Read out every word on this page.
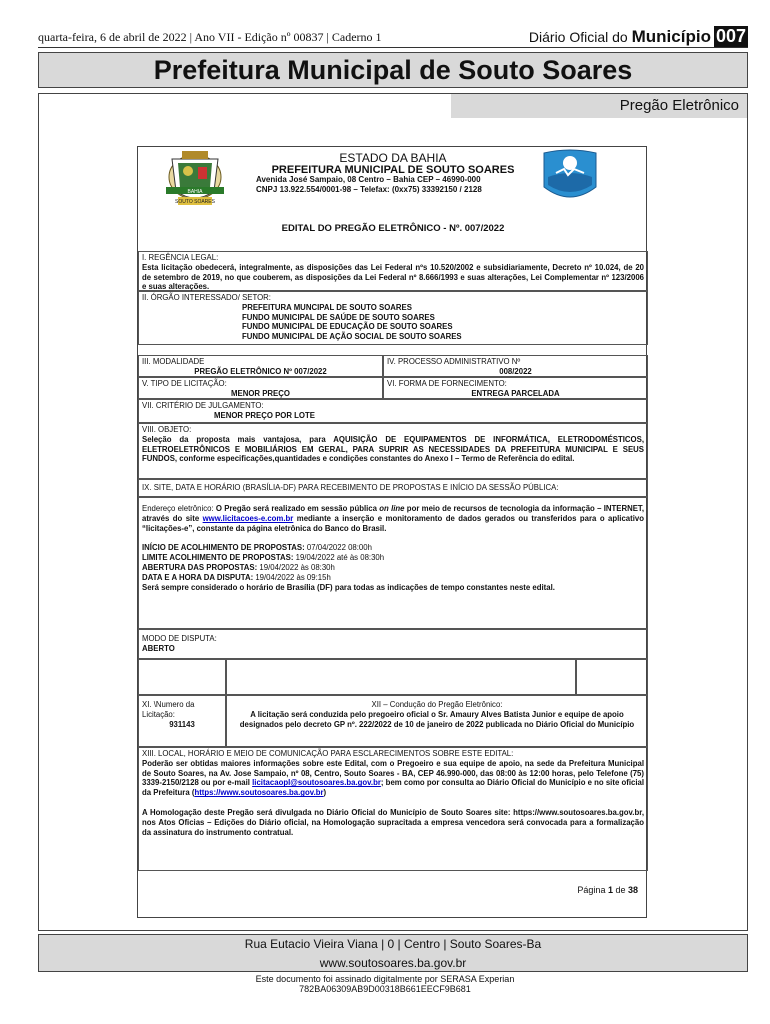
quarta-feira, 6 de abril de 2022 | Ano VII - Edição nº 00837 | Caderno 1	Diário Oficial do Município 007
Prefeitura Municipal de Souto Soares
Pregão Eletrônico
BAHIA
SOUTO SOARES
ESTADO DA BAHIA
PREFEITURA MUNICIPAL DE SOUTO SOARES
Avenida José Sampaio, 08 Centro – Bahia CEP – 46990-000
CNPJ 13.922.554/0001-98 – Telefax: (0xx75) 33392150 / 2128
EDITAL DO PREGÃO ELETRÔNICO - Nº. 007/2022
I. REGÊNCIA LEGAL:
Esta licitação obedecerá, integralmente, as disposições das Lei Federal nºs 10.520/2002 e subsidiariamente, Decreto nº 10.024, de 20 de setembro de 2019, no que couberem, as disposições da Lei Federal nº 8.666/1993 e suas alterações, Lei Complementar nº 123/2006 e suas alterações.
II. ÓRGÃO INTERESSADO/ SETOR:
PREFEITURA MUNCIPAL DE SOUTO SOARES
FUNDO MUNICIPAL DE SAÚDE DE SOUTO SOARES
FUNDO MUNICIPAL DE EDUCAÇÃO DE SOUTO SOARES
FUNDO MUNICIPAL DE AÇÃO SOCIAL DE SOUTO SOARES
III. MODALIDADE
PREGÃO ELETRÔNICO Nº 007/2022
IV. PROCESSO ADMINISTRATIVO Nº
008/2022
V. TIPO DE LICITAÇÃO:
MENOR PREÇO
VI. FORMA DE FORNECIMENTO:
ENTREGA PARCELADA
VII. CRITÉRIO DE JULGAMENTO:
MENOR PREÇO POR LOTE
VIII. OBJETO:
Seleção da proposta mais vantajosa, para AQUISIÇÃO DE EQUIPAMENTOS DE INFORMÁTICA, ELETRODOMÉSTICOS, ELETROELETRÔNICOS E MOBILIÁRIOS EM GERAL, PARA SUPRIR AS NECESSIDADES DA PREFEITURA MUNICIPAL E SEUS FUNDOS, conforme especificações,quantidades e condições constantes do Anexo I – Termo de Referência do edital.
IX. SITE, DATA E HORÁRIO (BRASÍLIA-DF) PARA RECEBIMENTO DE PROPOSTAS E INÍCIO DA SESSÃO PÚBLICA:
Endereço eletrônico: O Pregão será realizado em sessão pública on line por meio de recursos de tecnologia da informação – INTERNET, através do site www.licitacoes-e.com.br mediante a inserção e monitoramento de dados gerados ou transferidos para o aplicativo “licitações-e”, constante da página eletrônica do Banco do Brasil.
INÍCIO DE ACOLHIMENTO DE PROPOSTAS: 07/04/2022 08:00h
LIMITE ACOLHIMENTO DE PROPOSTAS: 19/04/2022 até às 08:30h
ABERTURA DAS PROPOSTAS: 19/04/2022 às 08:30h
DATA E A HORA DA DISPUTA: 19/04/2022 às 09:15h
Será sempre considerado o horário de Brasília (DF) para todas as indicações de tempo constantes neste edital.
MODO DE DISPUTA:
ABERTO
XI. \Numero da Licitação:
931143
XII – Condução do Pregão Eletrônico:
A licitação será conduzida pelo pregoeiro oficial o Sr. Amaury Alves Batista Junior e equipe de apoio designados pelo decreto GP nº. 222/2022 de 10 de janeiro de 2022 publicada no Diário Oficial do Município
XIII. LOCAL, HORÁRIO E MEIO DE COMUNICAÇÃO PARA ESCLARECIMENTOS SOBRE ESTE EDITAL:
Poderão ser obtidas maiores informações sobre este Edital, com o Pregoeiro e sua equipe de apoio, na sede da Prefeitura Municipal de Souto Soares, na Av. Jose Sampaio, nº 08, Centro, Souto Soares - BA, CEP 46.990-000, das 08:00 às 12:00 horas, pelo Telefone (75) 3339-2150/2128 ou por e-mail licitacaopl@soutosoares.ba.gov.br; bem como por consulta ao Diário Oficial do Município e no site oficial da Prefeitura (https://www.soutosoares.ba.gov.br)
A Homologação deste Pregão será divulgada no Diário Oficial do Município de Souto Soares site: https://www.soutosoares.ba.gov.br, nos Atos Oficias – Edições do Diário oficial, na Homologação supracitada a empresa vencedora será convocada para a formalização da assinatura do instrumento contratual.
Página 1 de 38
Rua Eutacio Vieira Viana | 0 | Centro | Souto Soares-Ba
www.soutosoares.ba.gov.br
Este documento foi assinado digitalmente por SERASA Experian
782BA06309AB9D00318B661EECF9B681
